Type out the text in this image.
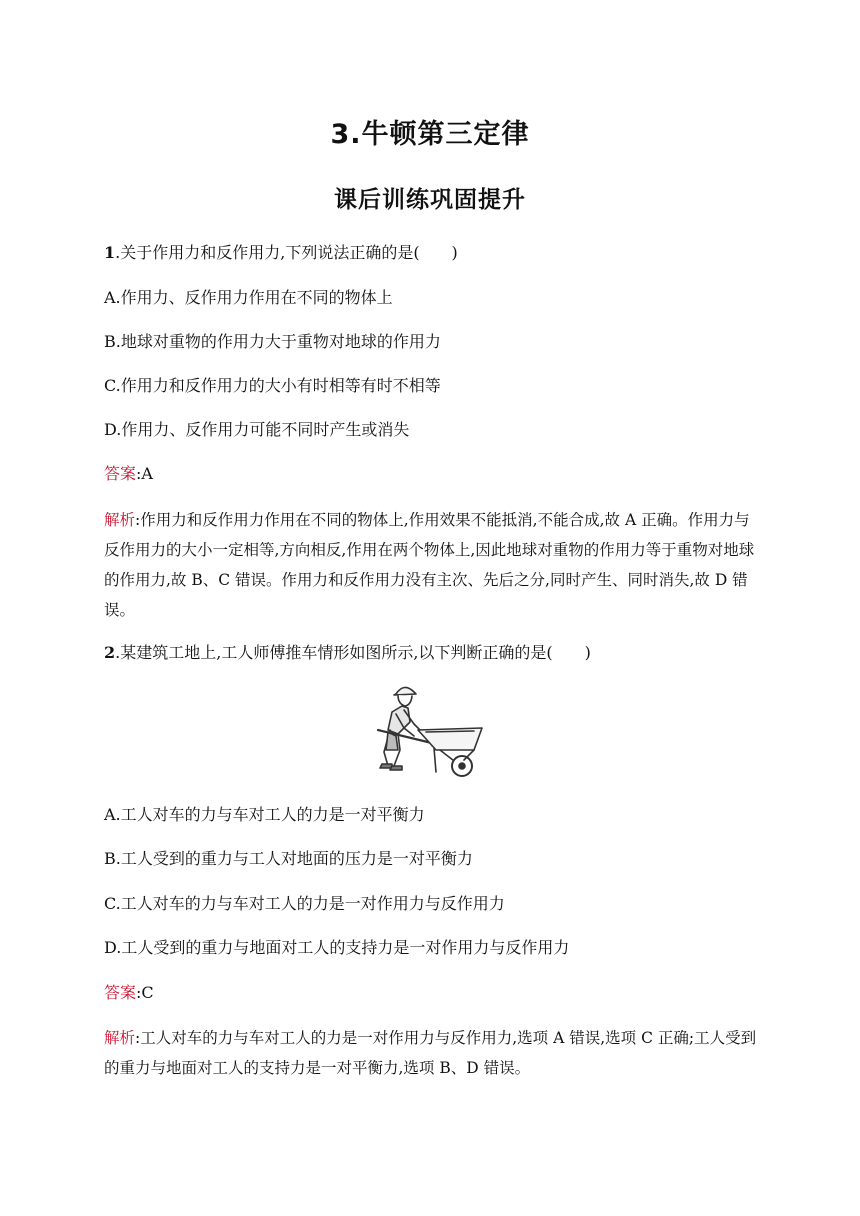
3.牛顿第三定律
课后训练巩固提升
1.关于作用力和反作用力,下列说法正确的是(　　)
A.作用力、反作用力作用在不同的物体上
B.地球对重物的作用力大于重物对地球的作用力
C.作用力和反作用力的大小有时相等有时不相等
D.作用力、反作用力可能不同时产生或消失
答案:A
解析:作用力和反作用力作用在不同的物体上,作用效果不能抵消,不能合成,故 A 正确。作用力与反作用力的大小一定相等,方向相反,作用在两个物体上,因此地球对重物的作用力等于重物对地球的作用力,故 B、C 错误。作用力和反作用力没有主次、先后之分,同时产生、同时消失,故 D 错误。
2.某建筑工地上,工人师傅推车情形如图所示,以下判断正确的是(　　)
A.工人对车的力与车对工人的力是一对平衡力
B.工人受到的重力与工人对地面的压力是一对平衡力
C.工人对车的力与车对工人的力是一对作用力与反作用力
D.工人受到的重力与地面对工人的支持力是一对作用力与反作用力
答案:C
解析:工人对车的力与车对工人的力是一对作用力与反作用力,选项 A 错误,选项 C 正确;工人受到的重力与地面对工人的支持力是一对平衡力,选项 B、D 错误。
